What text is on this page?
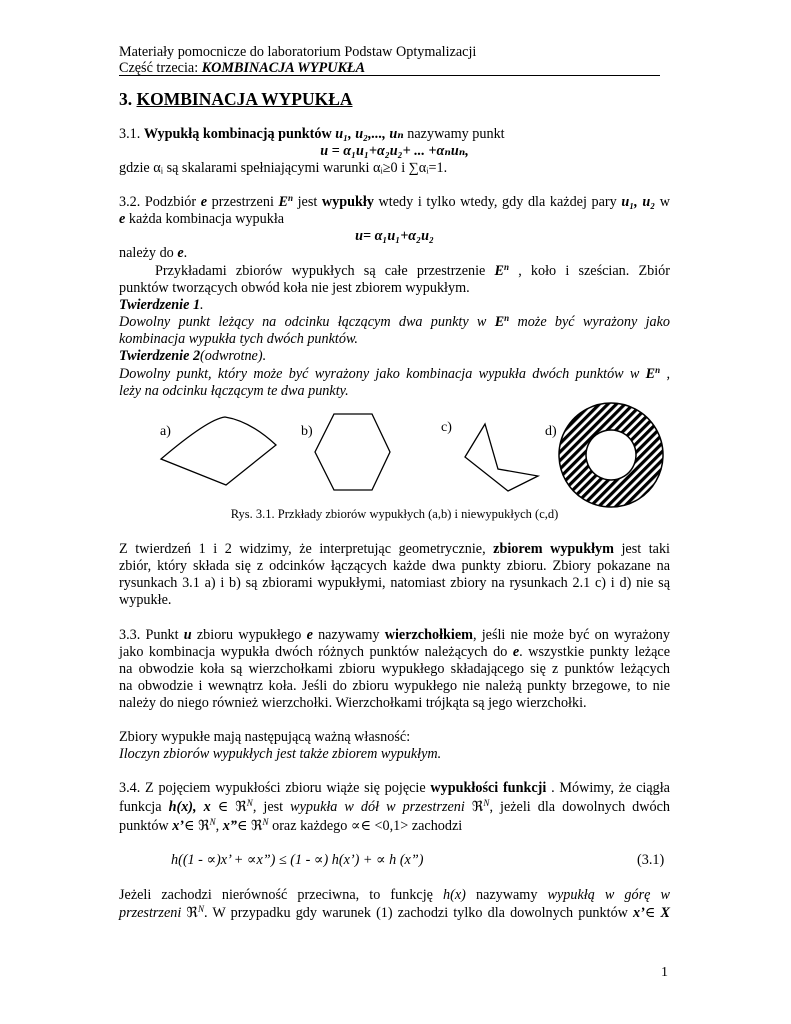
Materiały pomocnicze do laboratorium Podstaw Optymalizacji
Część trzecia: KOMBINACJA WYPUKŁA
3. KOMBINACJA WYPUKŁA
3.1. Wypukłą kombinacją punktów u₁, u₂,..., uₙ nazywamy punkt
u = α₁u₁+α₂u₂+ ... +αₙuₙ,
gdzie αᵢ są skalarami spełniającymi warunki αᵢ≥0 i ∑αᵢ=1.
3.2. Podzbiór e przestrzeni $E^n$ jest wypukły wtedy i tylko wtedy, gdy dla każdej pary u₁, u₂ w
e każda kombinacja wypukła
u= α₁u₁+α₂u₂
należy do e.
Przykładami zbiorów wypukłych są całe przestrzenie $E^n$ , koło i sześcian. Zbiór
punktów tworzących obwód koła nie jest zbiorem wypukłym.
Twierdzenie 1.
Dowolny punkt leżący na odcinku łączącym dwa punkty w $E^n$ może być wyrażony jako
kombinacja wypukła tych dwóch punktów.
Twierdzenie 2(odwrotne).
Dowolny punkt, który może być wyrażony jako kombinacja wypukła dwóch punktów w $E^n$ ,
leży na odcinku łączącym te dwa punkty.
a)	b)	c)	d)
Rys. 3.1. Przkłady zbiorów wypukłych (a,b) i niewypukłych (c,d)
Z twierdzeń 1 i 2 widzimy, że interpretując geometrycznie, zbiorem wypukłym jest taki
zbiór, który składa się z odcinków łączących każde dwa punkty zbioru. Zbiory pokazane na
rysunkach 3.1 a) i b) są zbiorami wypukłymi, natomiast zbiory na rysunkach 2.1 c) i d) nie są
wypukłe.
3.3. Punkt u zbioru wypukłego e nazywamy wierzchołkiem, jeśli nie może być on wyrażony
jako kombinacja wypukła dwóch różnych punktów należących do e. wszystkie punkty leżące
na obwodzie koła są wierzchołkami zbioru wypukłego składającego się z punktów leżących
na obwodzie i wewnątrz koła. Jeśli do zbioru wypukłego nie należą punkty brzegowe, to nie
należy do niego również wierzchołki. Wierzchołkami trójkąta są jego wierzchołki.
Zbiory wypukłe mają następującą ważną własność:
Iloczyn zbiorów wypukłych jest także zbiorem wypukłym.
3.4. Z pojęciem wypukłości zbioru wiąże się pojęcie wypukłości funkcji . Mówimy, że ciągła
funkcja h(x), x ∈ ℜ$^N$, jest wypukła w dół w przestrzeni ℜ$^N$, jeżeli dla dowolnych dwóch
punktów x’∈ ℜ$^N$, x”∈ ℜ$^N$ oraz każdego ∝∈ <0,1> zachodzi
h((1 - ∝)x’ + ∝x”) ≤ (1 - ∝) h(x’) + ∝ h (x”)	(3.1)
Jeżeli zachodzi nierówność przeciwna, to funkcję h(x) nazywamy wypukłą w górę w
przestrzeni ℜ$^N$. W przypadku gdy warunek (1) zachodzi tylko dla dowolnych punktów x’∈ X
1
